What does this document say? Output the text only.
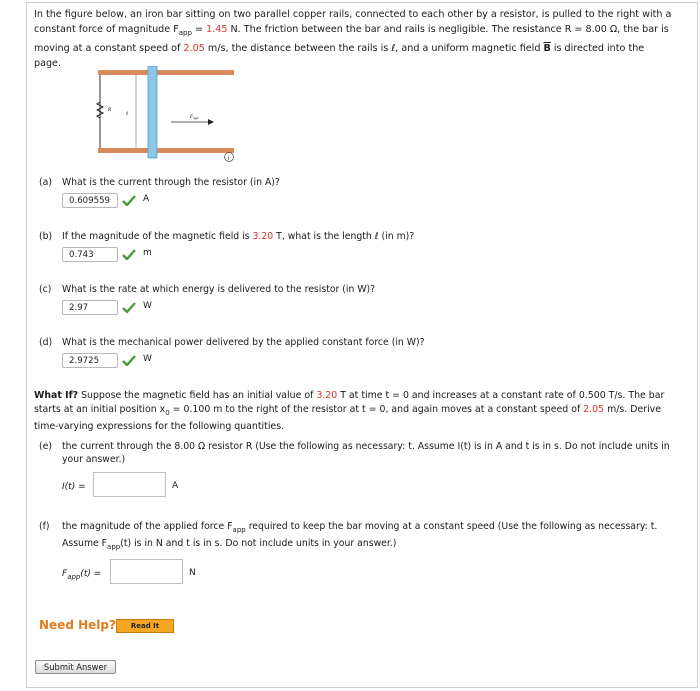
In the figure below, an iron bar sitting on two parallel copper rails, connected to each other by a resistor, is pulled to the right with a constant force of magnitude $F_{app} = 1.45$ N. The friction between the bar and rails is negligible. The resistance R = 8.00 Ω, the bar is moving at a constant speed of 2.05 m/s, the distance between the rails is ℓ, and a uniform magnetic field $\overline{B}$ is directed into the page.
R
ℓ
$F_{app}$
i
(a) What is the current through the resistor (in A)?
0.609559	A
(b) If the magnitude of the magnetic field is 3.20 T, what is the length ℓ (in m)?
0.743	m
(c) What is the rate at which energy is delivered to the resistor (in W)?
2.97	W
(d) What is the mechanical power delivered by the applied constant force (in W)?
2.9725	W
What If? Suppose the magnetic field has an initial value of 3.20 T at time t = 0 and increases at a constant rate of 0.500 T/s. The bar starts at an initial position $x_0 = 0.100$ m to the right of the resistor at t = 0, and again moves at a constant speed of 2.05 m/s. Derive time-varying expressions for the following quantities.
(e) the current through the 8.00 Ω resistor R (Use the following as necessary: t. Assume I(t) is in A and t is in s. Do not include units in your answer.)
I(t) =	A
(f) the magnitude of the applied force $F_{app}$ required to keep the bar moving at a constant speed (Use the following as necessary: t. Assume $F_{app}(t)$ is in N and t is in s. Do not include units in your answer.)
$F_{app}(t)$ =	N
Need Help?	Read It
Submit Answer
